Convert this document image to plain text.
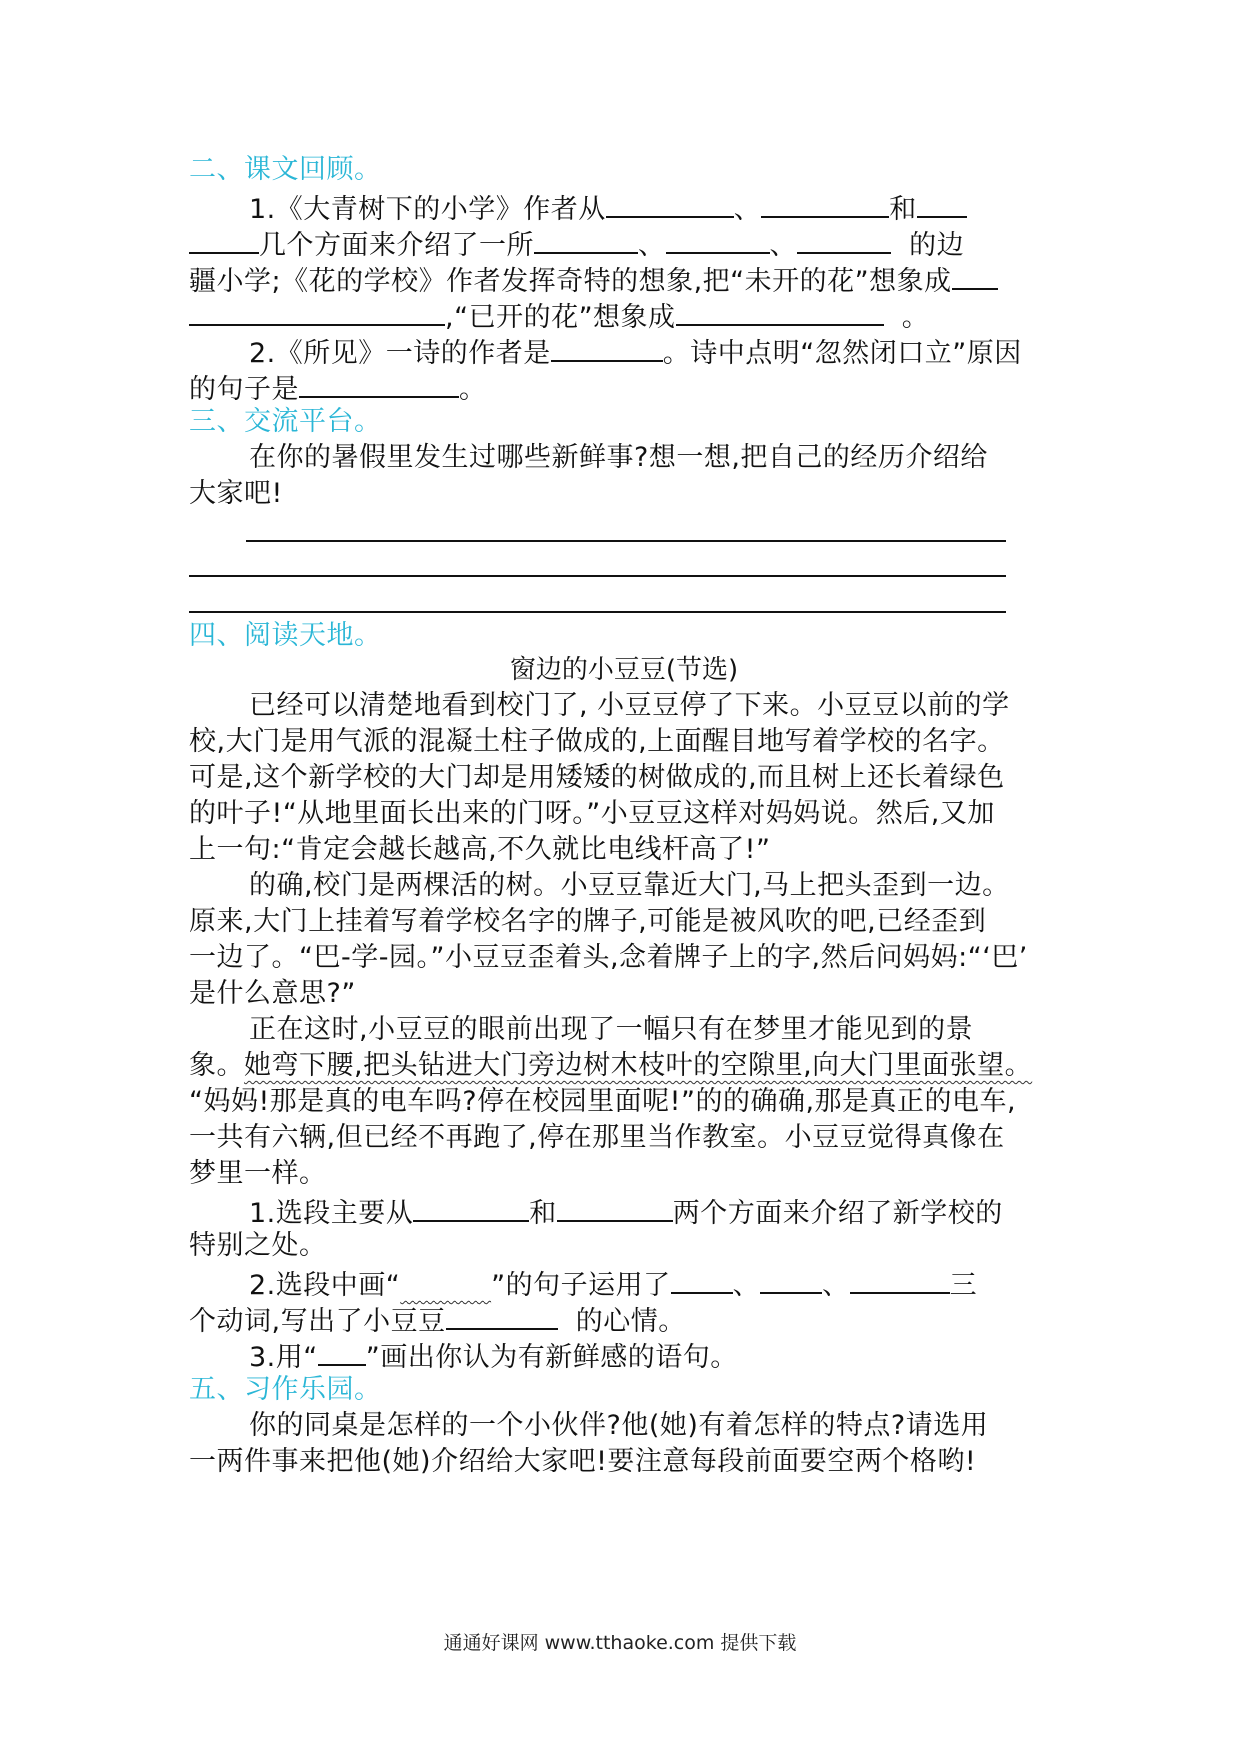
二、课文回顾。
1.《大青树下的小学》作者从	、	和
几个方面来介绍了一所	、	、	的边
疆小学;《花的学校》作者发挥奇特的想象,把“未开的花”想象成
,“已开的花”想象成	。
2.《所见》一诗的作者是	。诗中点明“忽然闭口立”原因
的句子是	。
三、交流平台。
在你的暑假里发生过哪些新鲜事?想一想,把自己的经历介绍给
大家吧!
四、阅读天地。
窗边的小豆豆(节选)
已经可以清楚地看到校门了, 小豆豆停了下来。小豆豆以前的学
校,大门是用气派的混凝土柱子做成的,上面醒目地写着学校的名字。
可是,这个新学校的大门却是用矮矮的树做成的,而且树上还长着绿色
的叶子!“从地里面长出来的门呀。”小豆豆这样对妈妈说。然后,又加
上一句:“肯定会越长越高,不久就比电线杆高了!”
的确,校门是两棵活的树。小豆豆靠近大门,马上把头歪到一边。
原来,大门上挂着写着学校名字的牌子,可能是被风吹的吧,已经歪到
一边了。“巴-学-园。”小豆豆歪着头,念着牌子上的字,然后问妈妈:“‘巴’
是什么意思?”
正在这时,小豆豆的眼前出现了一幅只有在梦里才能见到的景
象。她弯下腰,把头钻进大门旁边树木枝叶的空隙里,向大门里面张望。
“妈妈!那是真的电车吗?停在校园里面呢!”的的确确,那是真正的电车,
一共有六辆,但已经不再跑了,停在那里当作教室。小豆豆觉得真像在
梦里一样。
1.选段主要从	和	两个方面来介绍了新学校的
特别之处。
2.选段中画“	”的句子运用了 、 、	三
个动词,写出了小豆豆	的心情。
3.用“ ”画出你认为有新鲜感的语句。
五、习作乐园。
你的同桌是怎样的一个小伙伴?他(她)有着怎样的特点?请选用
一两件事来把他(她)介绍给大家吧!要注意每段前面要空两个格哟!
通通好课网 www.tthaoke.com 提供下载
